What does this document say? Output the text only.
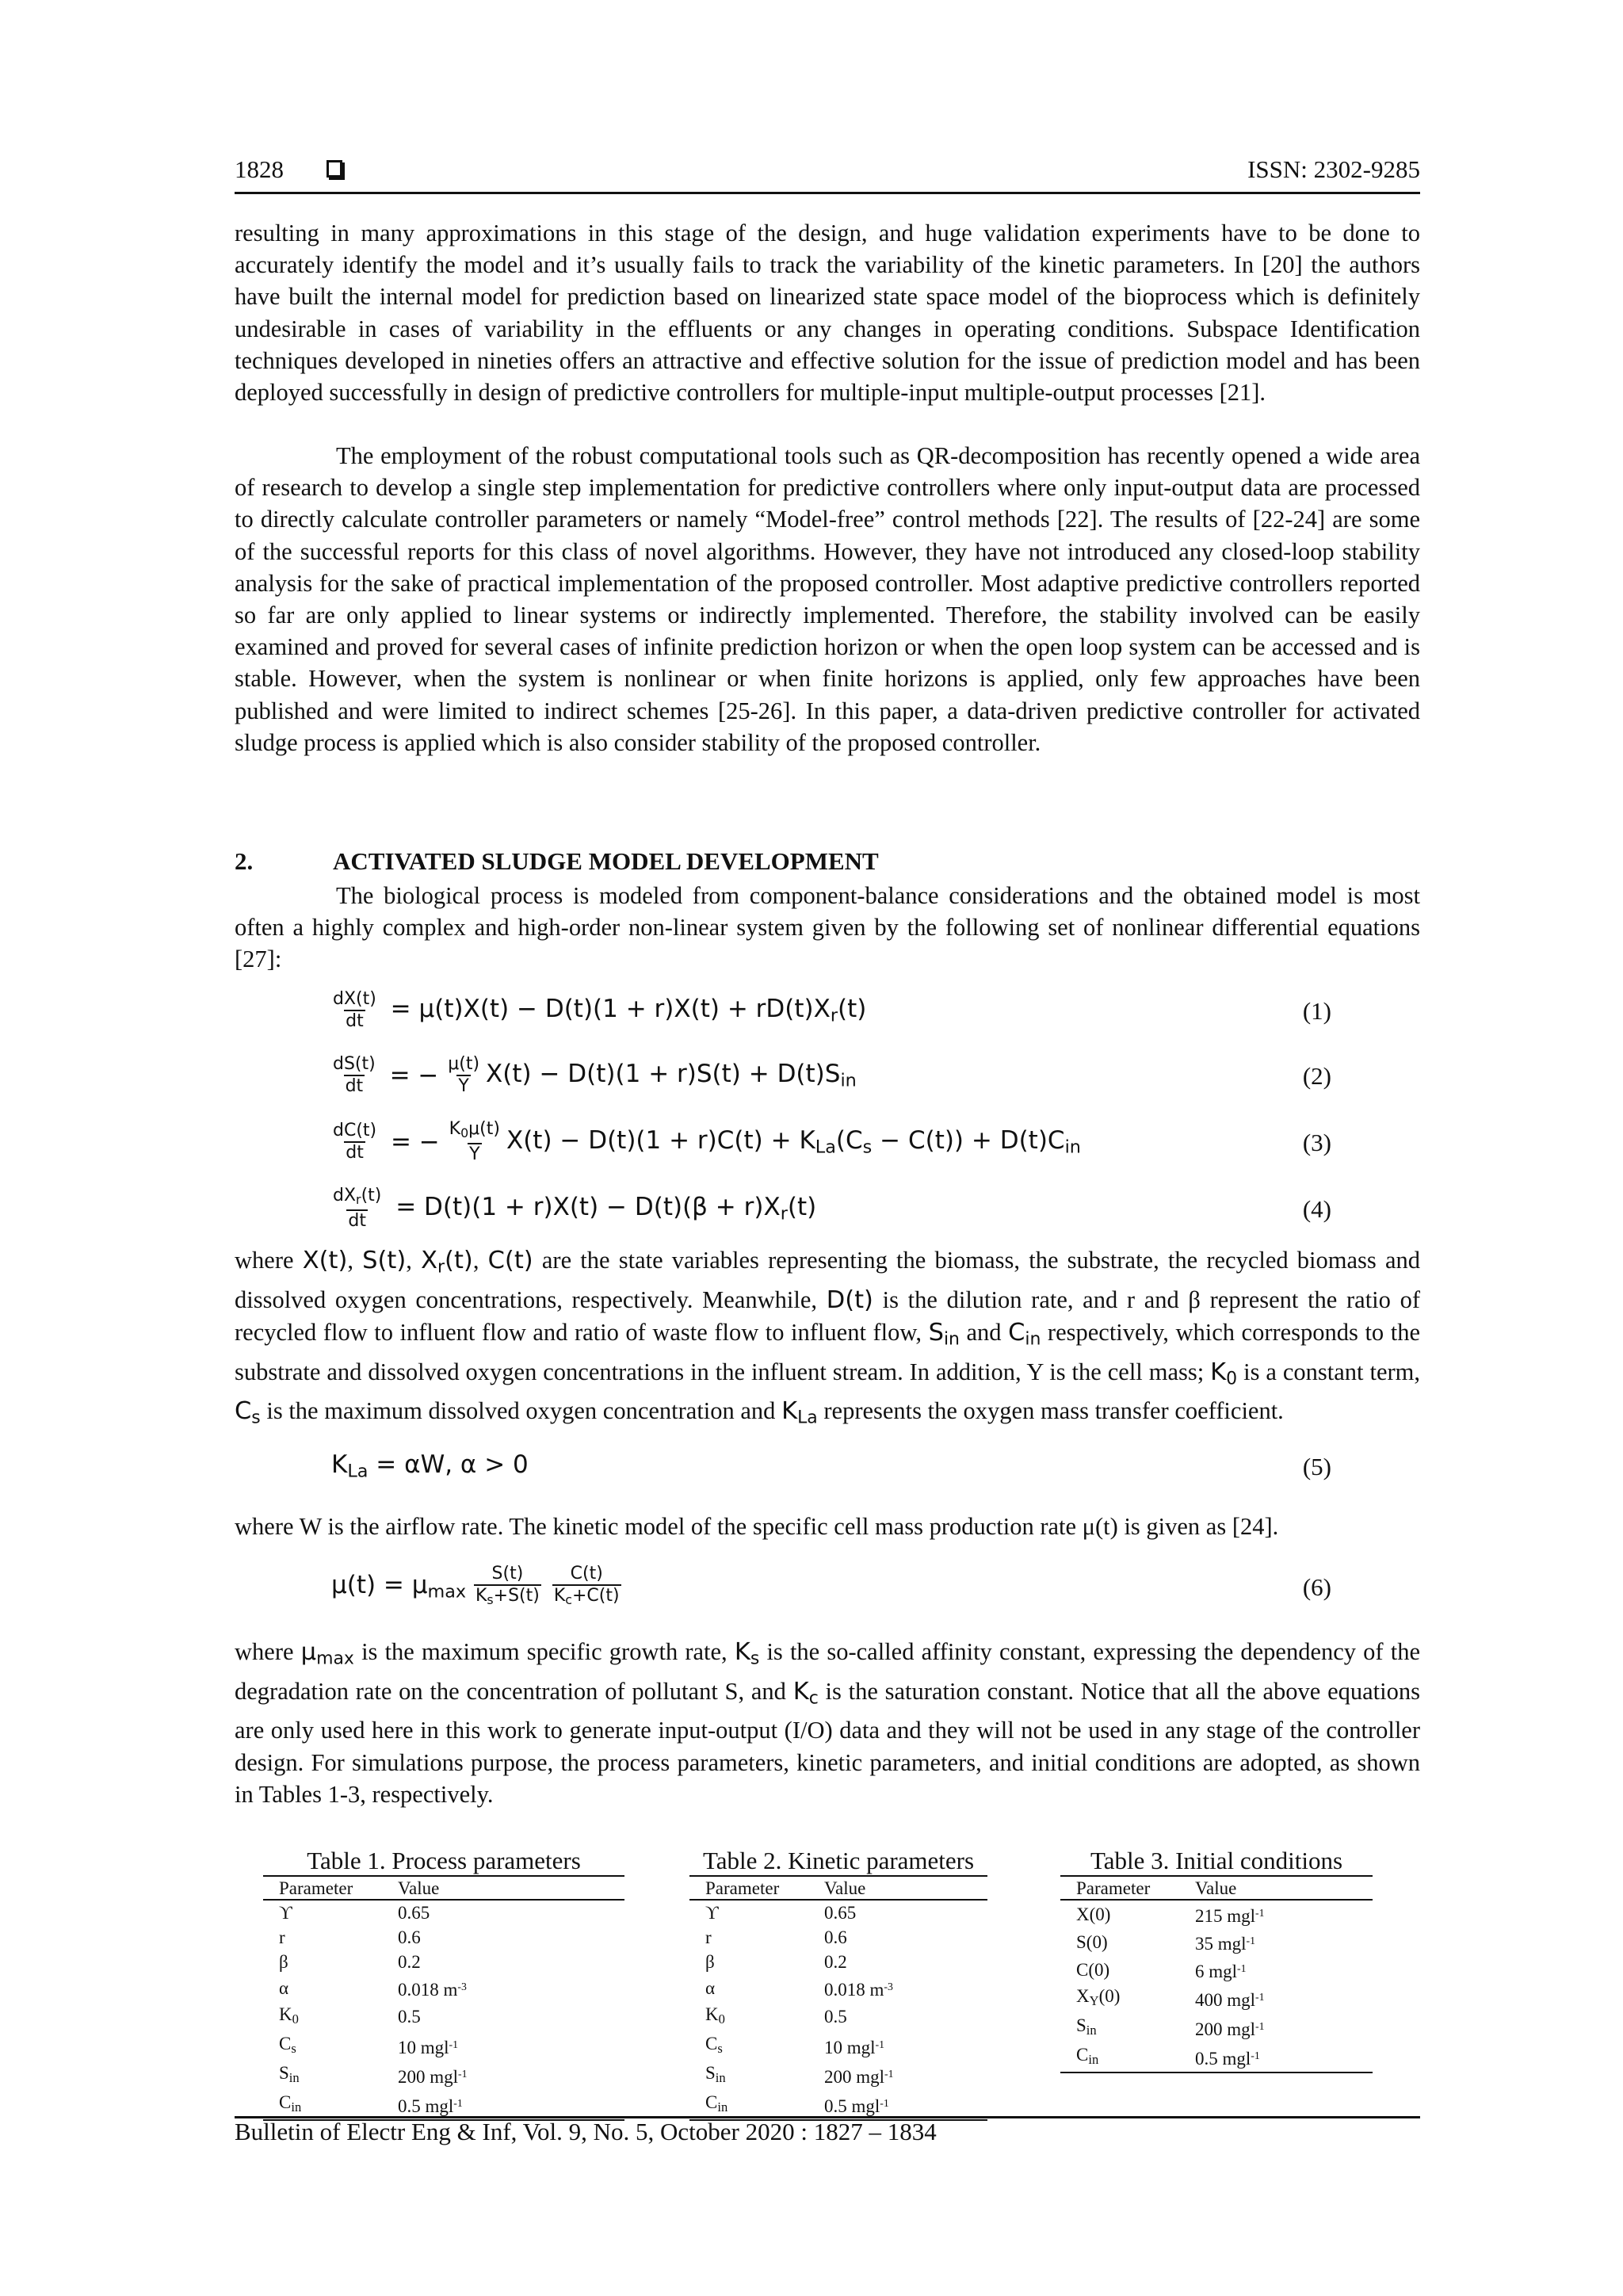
1828	ISSN: 2302-9285

resulting in many approximations in this stage of the design, and huge validation experiments have to be done to accurately identify the model and it’s usually fails to track the variability of the kinetic parameters. In [20] the authors have built the internal model for prediction based on linearized state space model of the bioprocess which is definitely undesirable in cases of variability in the effluents or any changes in operating conditions. Subspace Identification techniques developed in nineties offers an attractive and effective solution for the issue of prediction model and has been deployed successfully in design of predictive controllers for multiple-input multiple-output processes [21].

The employment of the robust computational tools such as QR-decomposition has recently opened a wide area of research to develop a single step implementation for predictive controllers where only input-output data are processed to directly calculate controller parameters or namely “Model-free” control methods [22]. The results of [22-24] are some of the successful reports for this class of novel algorithms. However, they have not introduced any closed-loop stability analysis for the sake of practical implementation of the proposed controller. Most adaptive predictive controllers reported so far are only applied to linear systems or indirectly implemented. Therefore, the stability involved can be easily examined and proved for several cases of infinite prediction horizon or when the open loop system can be accessed and is stable. However, when the system is nonlinear or when finite horizons is applied, only few approaches have been published and were limited to indirect schemes [25-26]. In this paper, a data-driven predictive controller for activated sludge process is applied which is also consider stability of the proposed controller.

2.	ACTIVATED SLUDGE MODEL DEVELOPMENT

The biological process is modeled from component-balance considerations and the obtained model is most often a highly complex and high-order non-linear system given by the following set of nonlinear differential equations [27]:

$\frac{dX(t)}{dt} = \mu(t)X(t) - D(t)(1 + r)X(t) + rD(t)X_r(t)$	(1)
$\frac{dS(t)}{dt}$ = − $\frac{\mu(t)}{Y} X(t) - D(t)(1 + r)S(t) + D(t)S_{in}$	(2)
$\frac{dC(t)}{dt}$ = − $\frac{K_0\mu(t)}{Y} X(t) - D(t)(1 + r)C(t) + K_{La}(C_s - C(t)) + D(t)C_{in}$	(3)
$\frac{dX_r(t)}{dt} = D(t)(1 + r)X(t) - D(t)(\beta + r)X_r(t)$	(4)

where X(t), S(t), $X_r(t)$, C(t) are the state variables representing the biomass, the substrate, the recycled biomass and dissolved oxygen concentrations, respectively. Meanwhile, D(t) is the dilution rate, and r and β represent the ratio of recycled flow to influent flow and ratio of waste flow to influent flow, $S_{in}$ and $C_{in}$ respectively, which corresponds to the substrate and dissolved oxygen concentrations in the influent stream. In addition, Y is the cell mass; $K_0$ is a constant term, $C_s$ is the maximum dissolved oxygen concentration and $K_{La}$ represents the oxygen mass transfer coefficient.

$K_{La} = \alpha W$, α > 0	(5)

where W is the airflow rate. The kinetic model of the specific cell mass production rate μ(t) is given as [24].

$\mu(t) = \mu_{max} \frac{S(t)}{K_s+S(t)} \frac{C(t)}{K_c+C(t)}$	(6)

where $\mu_{max}$ is the maximum specific growth rate, $K_s$ is the so-called affinity constant, expressing the dependency of the degradation rate on the concentration of pollutant S, and $K_c$ is the saturation constant. Notice that all the above equations are only used here in this work to generate input-output (I/O) data and they will not be used in any stage of the controller design. For simulations purpose, the process parameters, kinetic parameters, and initial conditions are adopted, as shown in Tables 1-3, respectively.

Table 1. Process parameters
Parameter	Value
ϒ	0.65
r	0.6
β	0.2
α	0.018 $m^{-3}$
$K_0$	0.5
$C_s$	10 mgl$^{-1}$
$S_{in}$	200 mgl$^{-1}$
$C_{in}$	0.5 mgl$^{-1}$
Table 2. Kinetic parameters
Parameter	Value
ϒ	0.65
r	0.6
β	0.2
α	0.018 $m^{-3}$
$K_0$	0.5
$C_s$	10 mgl$^{-1}$
$S_{in}$	200 mgl$^{-1}$
$C_{in}$	0.5 mgl$^{-1}$
Table 3. Initial conditions
Parameter	Value
X(0)	215 mgl$^{-1}$
S(0)	35 mgl$^{-1}$
C(0)	6 mgl$^{-1}$
$X_Y(0)$	400 mgl$^{-1}$
$S_{in}$	200 mgl$^{-1}$
$C_{in}$	0.5 mgl$^{-1}$
Bulletin of Electr Eng & Inf, Vol. 9, No. 5, October 2020 : 1827 – 1834
